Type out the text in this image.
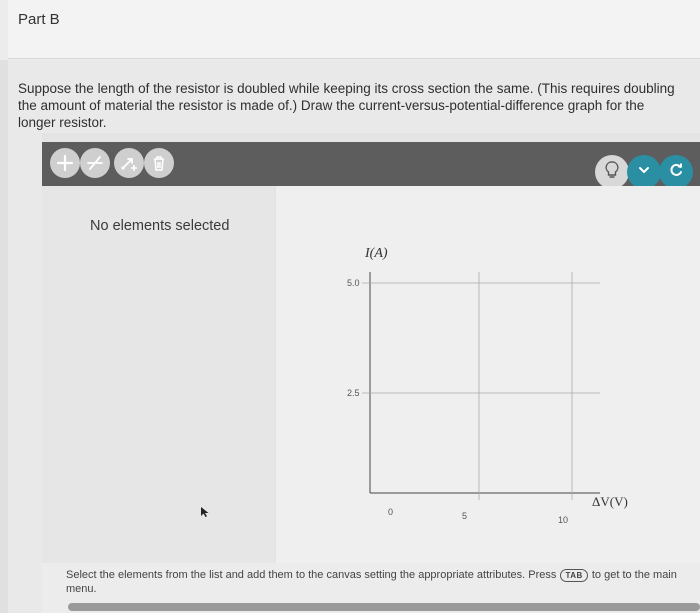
Part B
Suppose the length of the resistor is doubled while keeping its cross section the same. (This requires doubling the amount of material the resistor is made of.) Draw the current-versus-potential-difference graph for the longer resistor.
No elements selected
I(A)
ΔV(V)
5.0
2.5
0	5	10
Select the elements from the list and add them to the canvas setting the appropriate attributes. Press TAB to get to the main menu.
